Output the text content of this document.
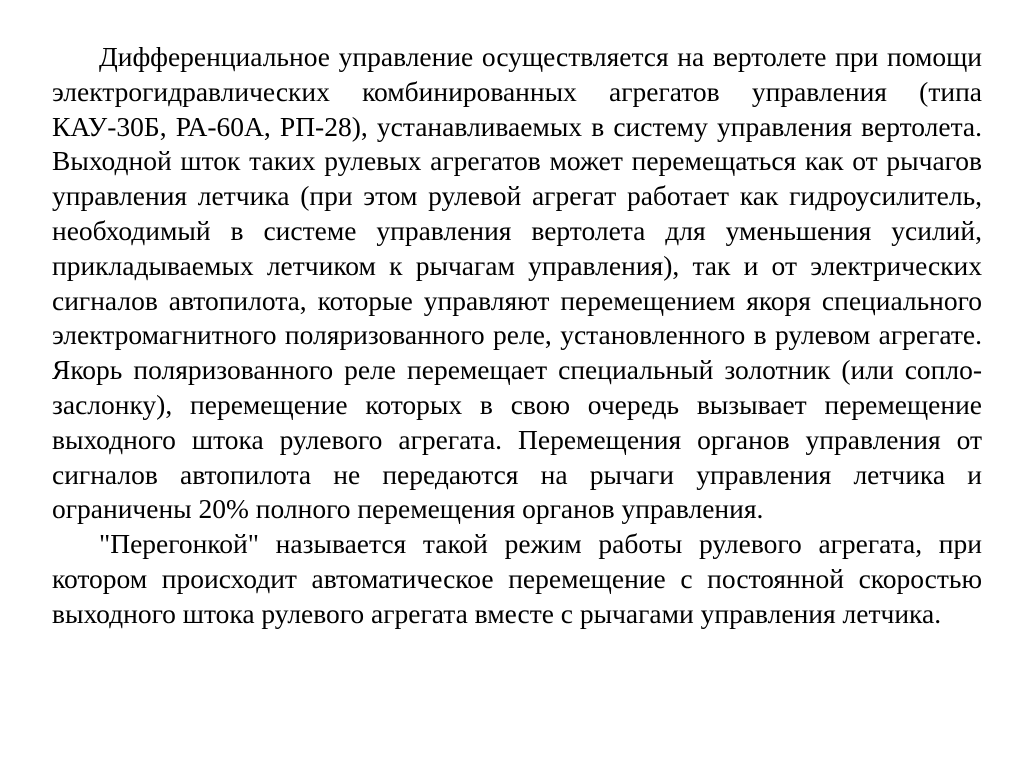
Дифференциальное управление осуществляется на вертолете при помощи электрогидравлических комбинированных агрегатов управления (типа КАУ-30Б, РА-60А, РП-28), устанавливаемых в систему управления вертолета. Выходной шток таких рулевых агрегатов может перемещаться как от рычагов управления летчика (при этом рулевой агрегат работает как гидроусилитель, необходимый в системе управления вертолета для уменьшения усилий, прикладываемых летчиком к рычагам управления), так и от электрических сигналов автопилота, которые управляют перемещением якоря специального электромагнитного поляризованного реле, установленного в рулевом агрегате. Якорь поляризованного реле перемещает специальный золотник (или сопло-заслонку), перемещение которых в свою очередь вызывает перемещение выходного штока рулевого агрегата. Перемещения органов управления от сигналов автопилота не передаются на рычаги управления летчика и ограничены 20% полного перемещения органов управления.

"Перегонкой" называется такой режим работы рулевого агрегата, при котором происходит автоматическое перемещение с постоянной скоростью выходного штока рулевого агрегата вместе с рычагами управления летчика.
